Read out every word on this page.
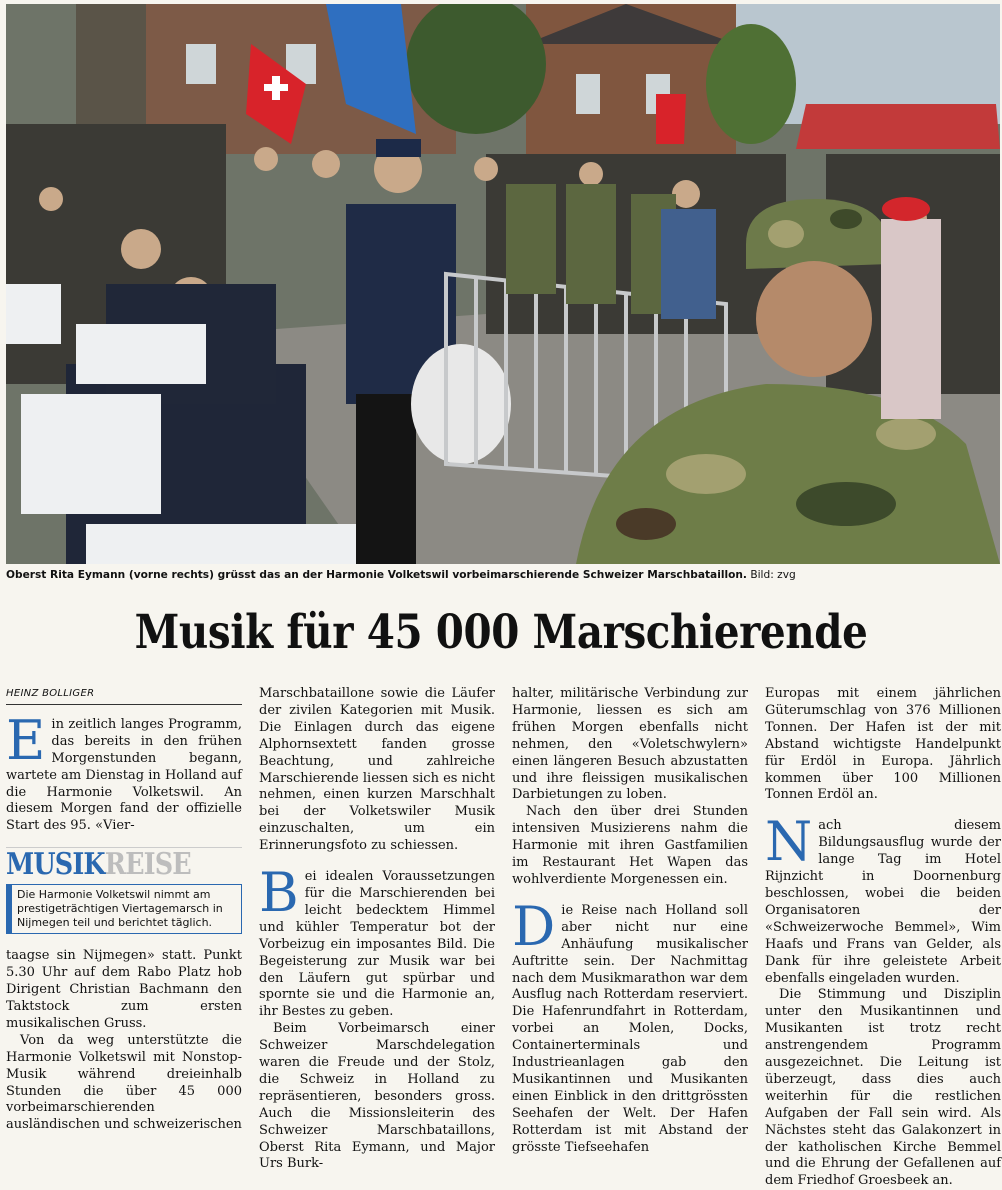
Oberst Rita Eymann (vorne rechts) grüsst das an der Harmonie Volketswil vorbeimarschierende Schweizer Marschbataillon. Bild: zvg
Musik für 45 000 Marschierende
HEINZ BOLLIGER

Ein zeitlich langes Programm, das bereits in den frühen Morgenstunden begann, wartete am Dienstag in Holland auf die Harmonie Volketswil. An diesem Morgen fand der offizielle Start des 95. «Vier-

MUSIKREISE
Die Harmonie Volketswil nimmt am prestigeträchtigen Viertagemarsch in Nijmegen teil und berichtet täglich.

taagse sin Nijmegen» statt. Punkt 5.30 Uhr auf dem Rabo Platz hob Dirigent Christian Bachmann den Taktstock zum ersten musikalischen Gruss.

Von da weg unterstützte die Harmonie Volketswil mit Nonstop-Musik während dreieinhalb Stunden die über 45 000 vorbeimarschierenden ausländischen und schweizerischen

Marschbataillone sowie die Läufer der zivilen Kategorien mit Musik. Die Einlagen durch das eigene Alphornsextett fanden grosse Beachtung, und zahlreiche Marschierende liessen sich es nicht nehmen, einen kurzen Marschhalt bei der Volketswiler Musik einzuschalten, um ein Erinnerungsfoto zu schiessen.

Bei idealen Voraussetzungen für die Marschierenden bei leicht bedecktem Himmel und kühler Temperatur bot der Vorbeizug ein imposantes Bild. Die Begeisterung zur Musik war bei den Läufern gut spürbar und spornte sie und die Harmonie an, ihr Bestes zu geben.

Beim Vorbeimarsch einer Schweizer Marschdelegation waren die Freude und der Stolz, die Schweiz in Holland zu repräsentieren, besonders gross. Auch die Missionsleiterin des Schweizer Marschbataillons, Oberst Rita Eymann, und Major Urs Burk-

halter, militärische Verbindung zur Harmonie, liessen es sich am frühen Morgen ebenfalls nicht nehmen, den «Voletschwylern» einen längeren Besuch abzustatten und ihre fleissigen musikalischen Darbietungen zu loben.

Nach den über drei Stunden intensiven Musizierens nahm die Harmonie mit ihren Gastfamilien im Restaurant Het Wapen das wohlverdiente Morgenessen ein.

Die Reise nach Holland soll aber nicht nur eine Anhäufung musikalischer Auftritte sein. Der Nachmittag nach dem Musikmarathon war dem Ausflug nach Rotterdam reserviert. Die Hafenrundfahrt in Rotterdam, vorbei an Molen, Docks, Containerterminals und Industrieanlagen gab den Musikantinnen und Musikanten einen Einblick in den drittgrössten Seehafen der Welt. Der Hafen Rotterdam ist mit Abstand der grösste Tiefseehafen

Europas mit einem jährlichen Güterumschlag von 376 Millionen Tonnen. Der Hafen ist der mit Abstand wichtigste Handelpunkt für Erdöl in Europa. Jährlich kommen über 100 Millionen Tonnen Erdöl an.

Nach diesem Bildungsausflug wurde der lange Tag im Hotel Rijnzicht in Doornenburg beschlossen, wobei die beiden Organisatoren der «Schweizerwoche Bemmel», Wim Haafs und Frans van Gelder, als Dank für ihre geleistete Arbeit ebenfalls eingeladen wurden.

Die Stimmung und Disziplin unter den Musikantinnen und Musikanten ist trotz recht anstrengendem Programm ausgezeichnet. Die Leitung ist überzeugt, dass dies auch weiterhin für die restlichen Aufgaben der Fall sein wird. Als Nächstes steht das Galakonzert in der katholischen Kirche Bemmel und die Ehrung der Gefallenen auf dem Friedhof Groesbeek an.
